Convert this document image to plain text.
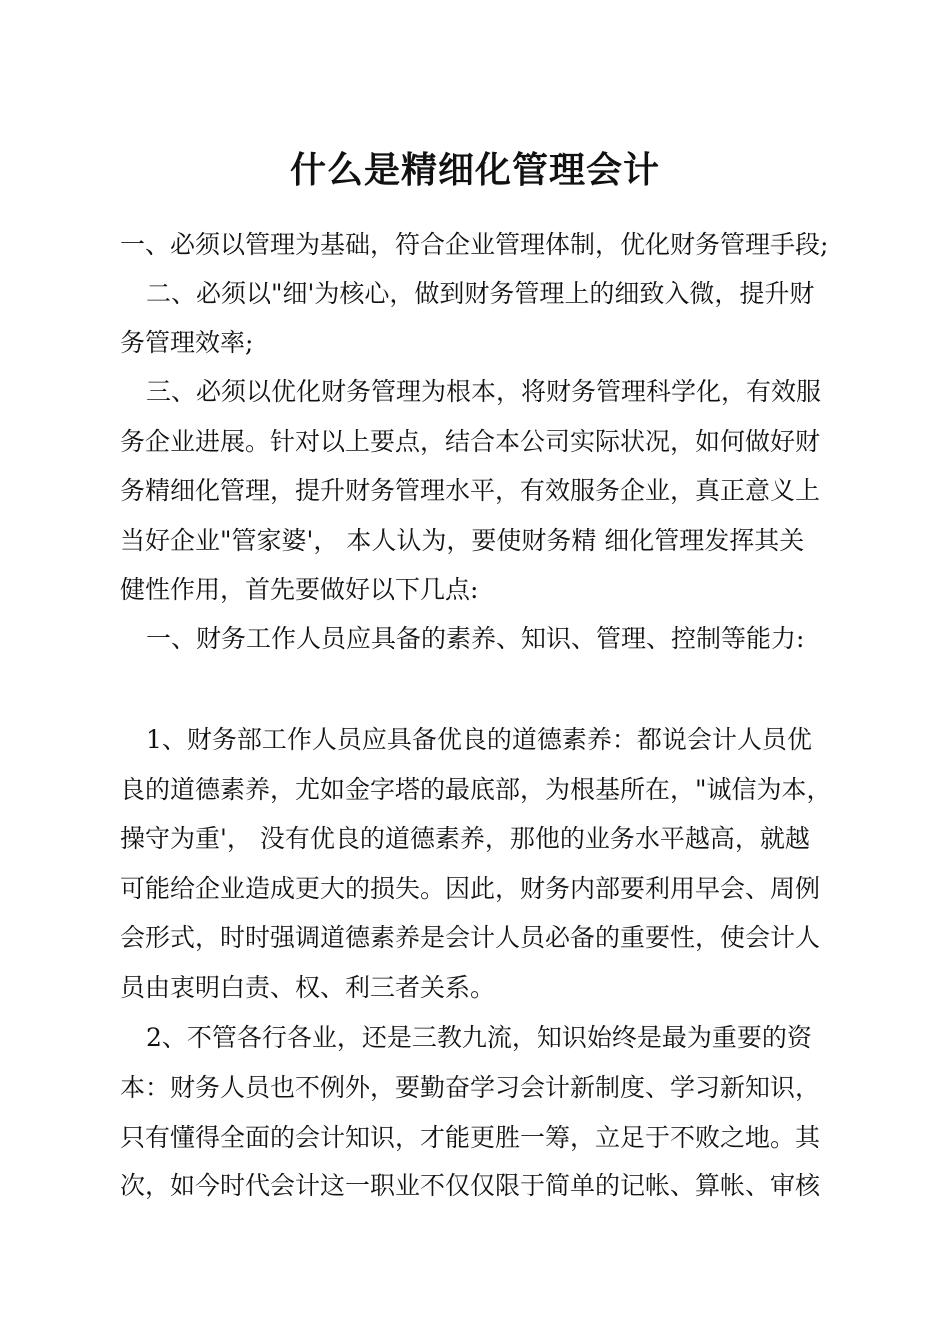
什么是精细化管理会计
一、必须以管理为基础，符合企业管理体制，优化财务管理手段;
二、必须以"细'为核心，做到财务管理上的细致入微，提升财
务管理效率;
三、必须以优化财务管理为根本，将财务管理科学化，有效服
务企业进展。针对以上要点，结合本公司实际状况，如何做好财
务精细化管理，提升财务管理水平，有效服务企业，真正意义上
当好企业"管家婆'， 本人认为，要使财务精 细化管理发挥其关
健性作用，首先要做好以下几点:
一、财务工作人员应具备的素养、知识、管理、控制等能力:
1、财务部工作人员应具备优良的道德素养：都说会计人员优
良的道德素养，尤如金字塔的最底部，为根基所在，"诚信为本，
操守为重'， 没有优良的道德素养，那他的业务水平越高，就越
可能给企业造成更大的损失。因此，财务内部要利用早会、周例
会形式，时时强调道德素养是会计人员必备的重要性，使会计人
员由衷明白责、权、利三者关系。
2、不管各行各业，还是三教九流，知识始终是最为重要的资
本：财务人员也不例外，要勤奋学习会计新制度、学习新知识，
只有懂得全面的会计知识，才能更胜一筹，立足于不败之地。其
次，如今时代会计这一职业不仅仅限于简单的记帐、算帐、审核
